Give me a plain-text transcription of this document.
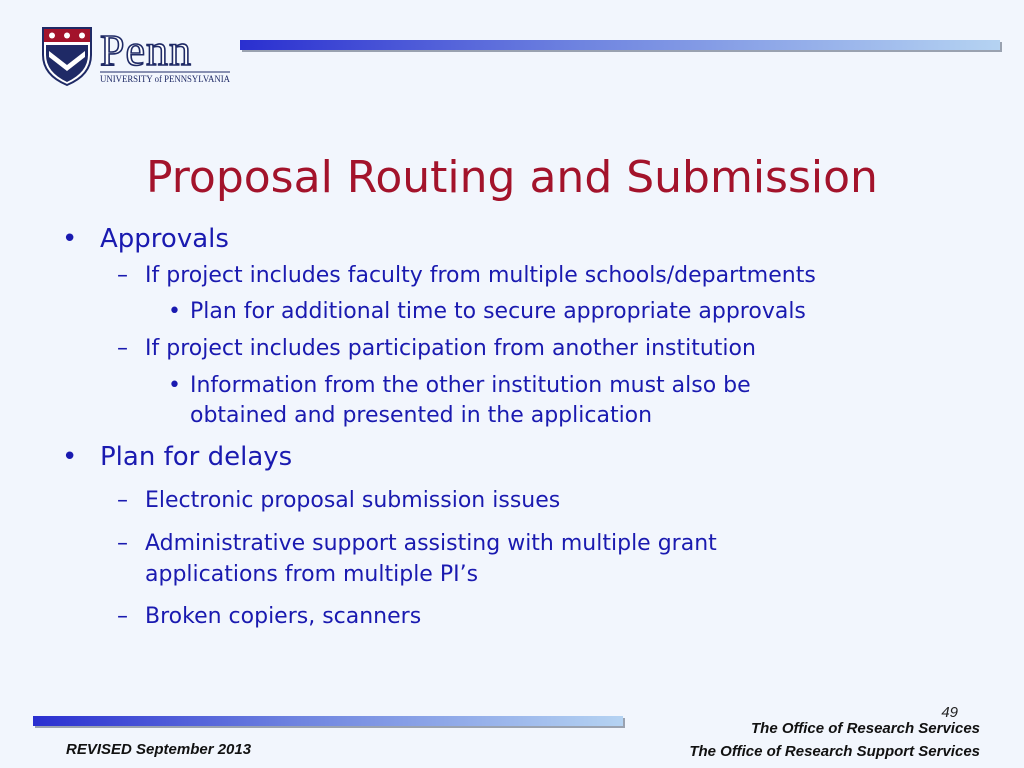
Penn
UNIVERSITY of PENNSYLVANIA
Proposal Routing and Submission
• Approvals
– If project includes faculty from multiple schools/departments
• Plan for additional time to secure appropriate approvals
– If project includes participation from another institution
• Information from the other institution must also be
obtained and presented in the application
• Plan for delays
– Electronic proposal submission issues
– Administrative support assisting with multiple grant
applications from multiple PI’s
– Broken copiers, scanners
49
The Office of Research Services
The Office of Research Support Services
REVISED September 2013
